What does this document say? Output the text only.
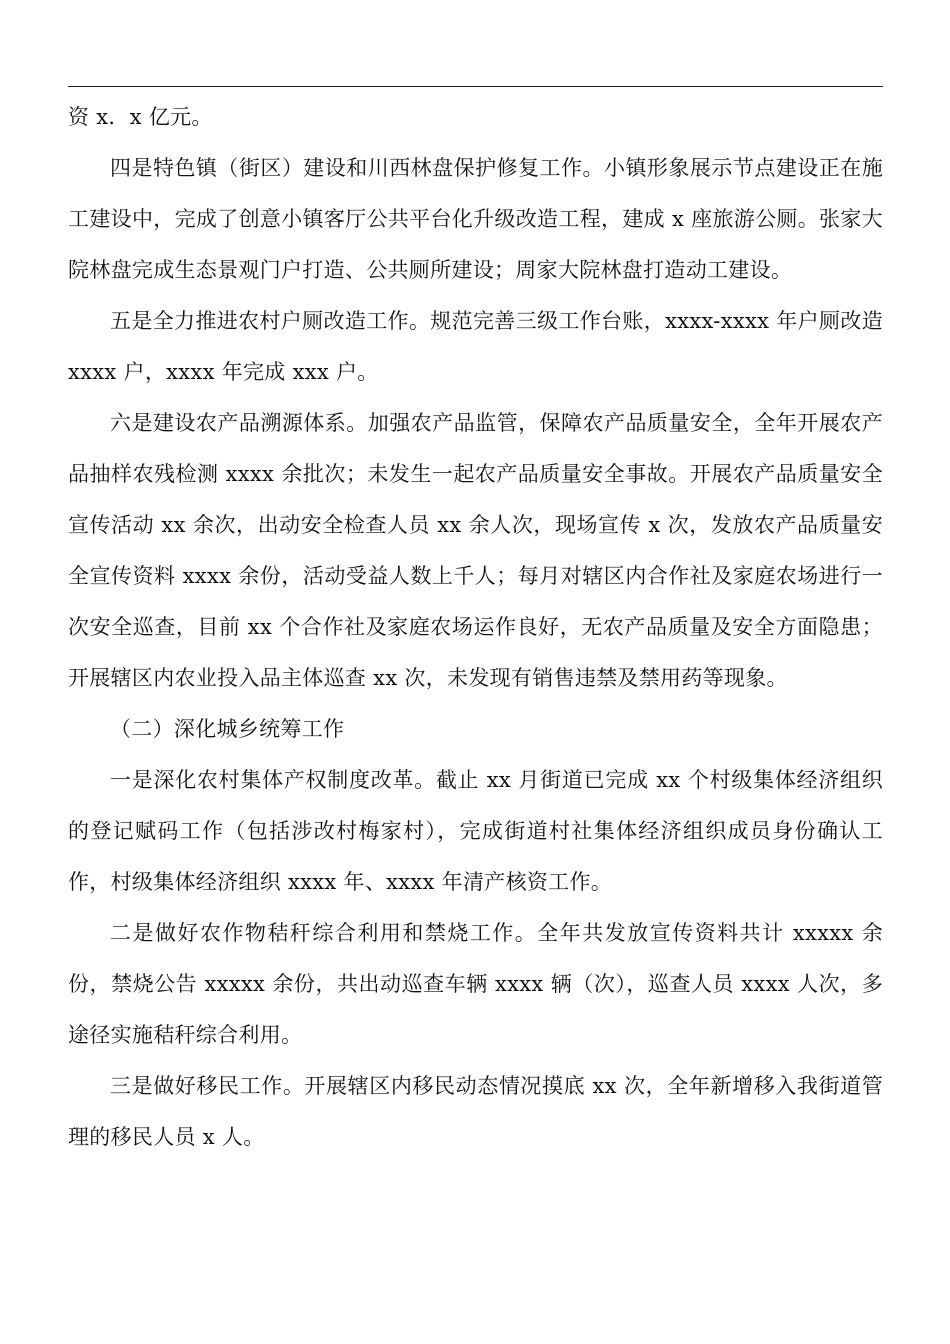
资 x．x 亿元。

四是特色镇（街区）建设和川西林盘保护修复工作。小镇形象展示节点建设正在施工建设中，完成了创意小镇客厅公共平台化升级改造工程，建成 x 座旅游公厕。张家大院林盘完成生态景观门户打造、公共厕所建设；周家大院林盘打造动工建设。

五是全力推进农村户厕改造工作。规范完善三级工作台账，xxxx-xxxx 年户厕改造 xxxx 户，xxxx 年完成 xxx 户。

六是建设农产品溯源体系。加强农产品监管，保障农产品质量安全，全年开展农产品抽样农残检测 xxxx 余批次；未发生一起农产品质量安全事故。开展农产品质量安全宣传活动 xx 余次，出动安全检查人员 xx 余人次，现场宣传 x 次，发放农产品质量安全宣传资料 xxxx 余份，活动受益人数上千人；每月对辖区内合作社及家庭农场进行一次安全巡查，目前 xx 个合作社及家庭农场运作良好，无农产品质量及安全方面隐患；开展辖区内农业投入品主体巡查 xx 次，未发现有销售违禁及禁用药等现象。

（二）深化城乡统筹工作

一是深化农村集体产权制度改革。截止 xx 月街道已完成 xx 个村级集体经济组织的登记赋码工作（包括涉改村梅家村），完成街道村社集体经济组织成员身份确认工作，村级集体经济组织 xxxx 年、xxxx 年清产核资工作。

二是做好农作物秸秆综合利用和禁烧工作。全年共发放宣传资料共计 xxxxx 余份，禁烧公告 xxxxx 余份，共出动巡查车辆 xxxx 辆（次），巡查人员 xxxx 人次，多途径实施秸秆综合利用。

三是做好移民工作。开展辖区内移民动态情况摸底 xx 次，全年新增移入我街道管理的移民人员 x 人。
